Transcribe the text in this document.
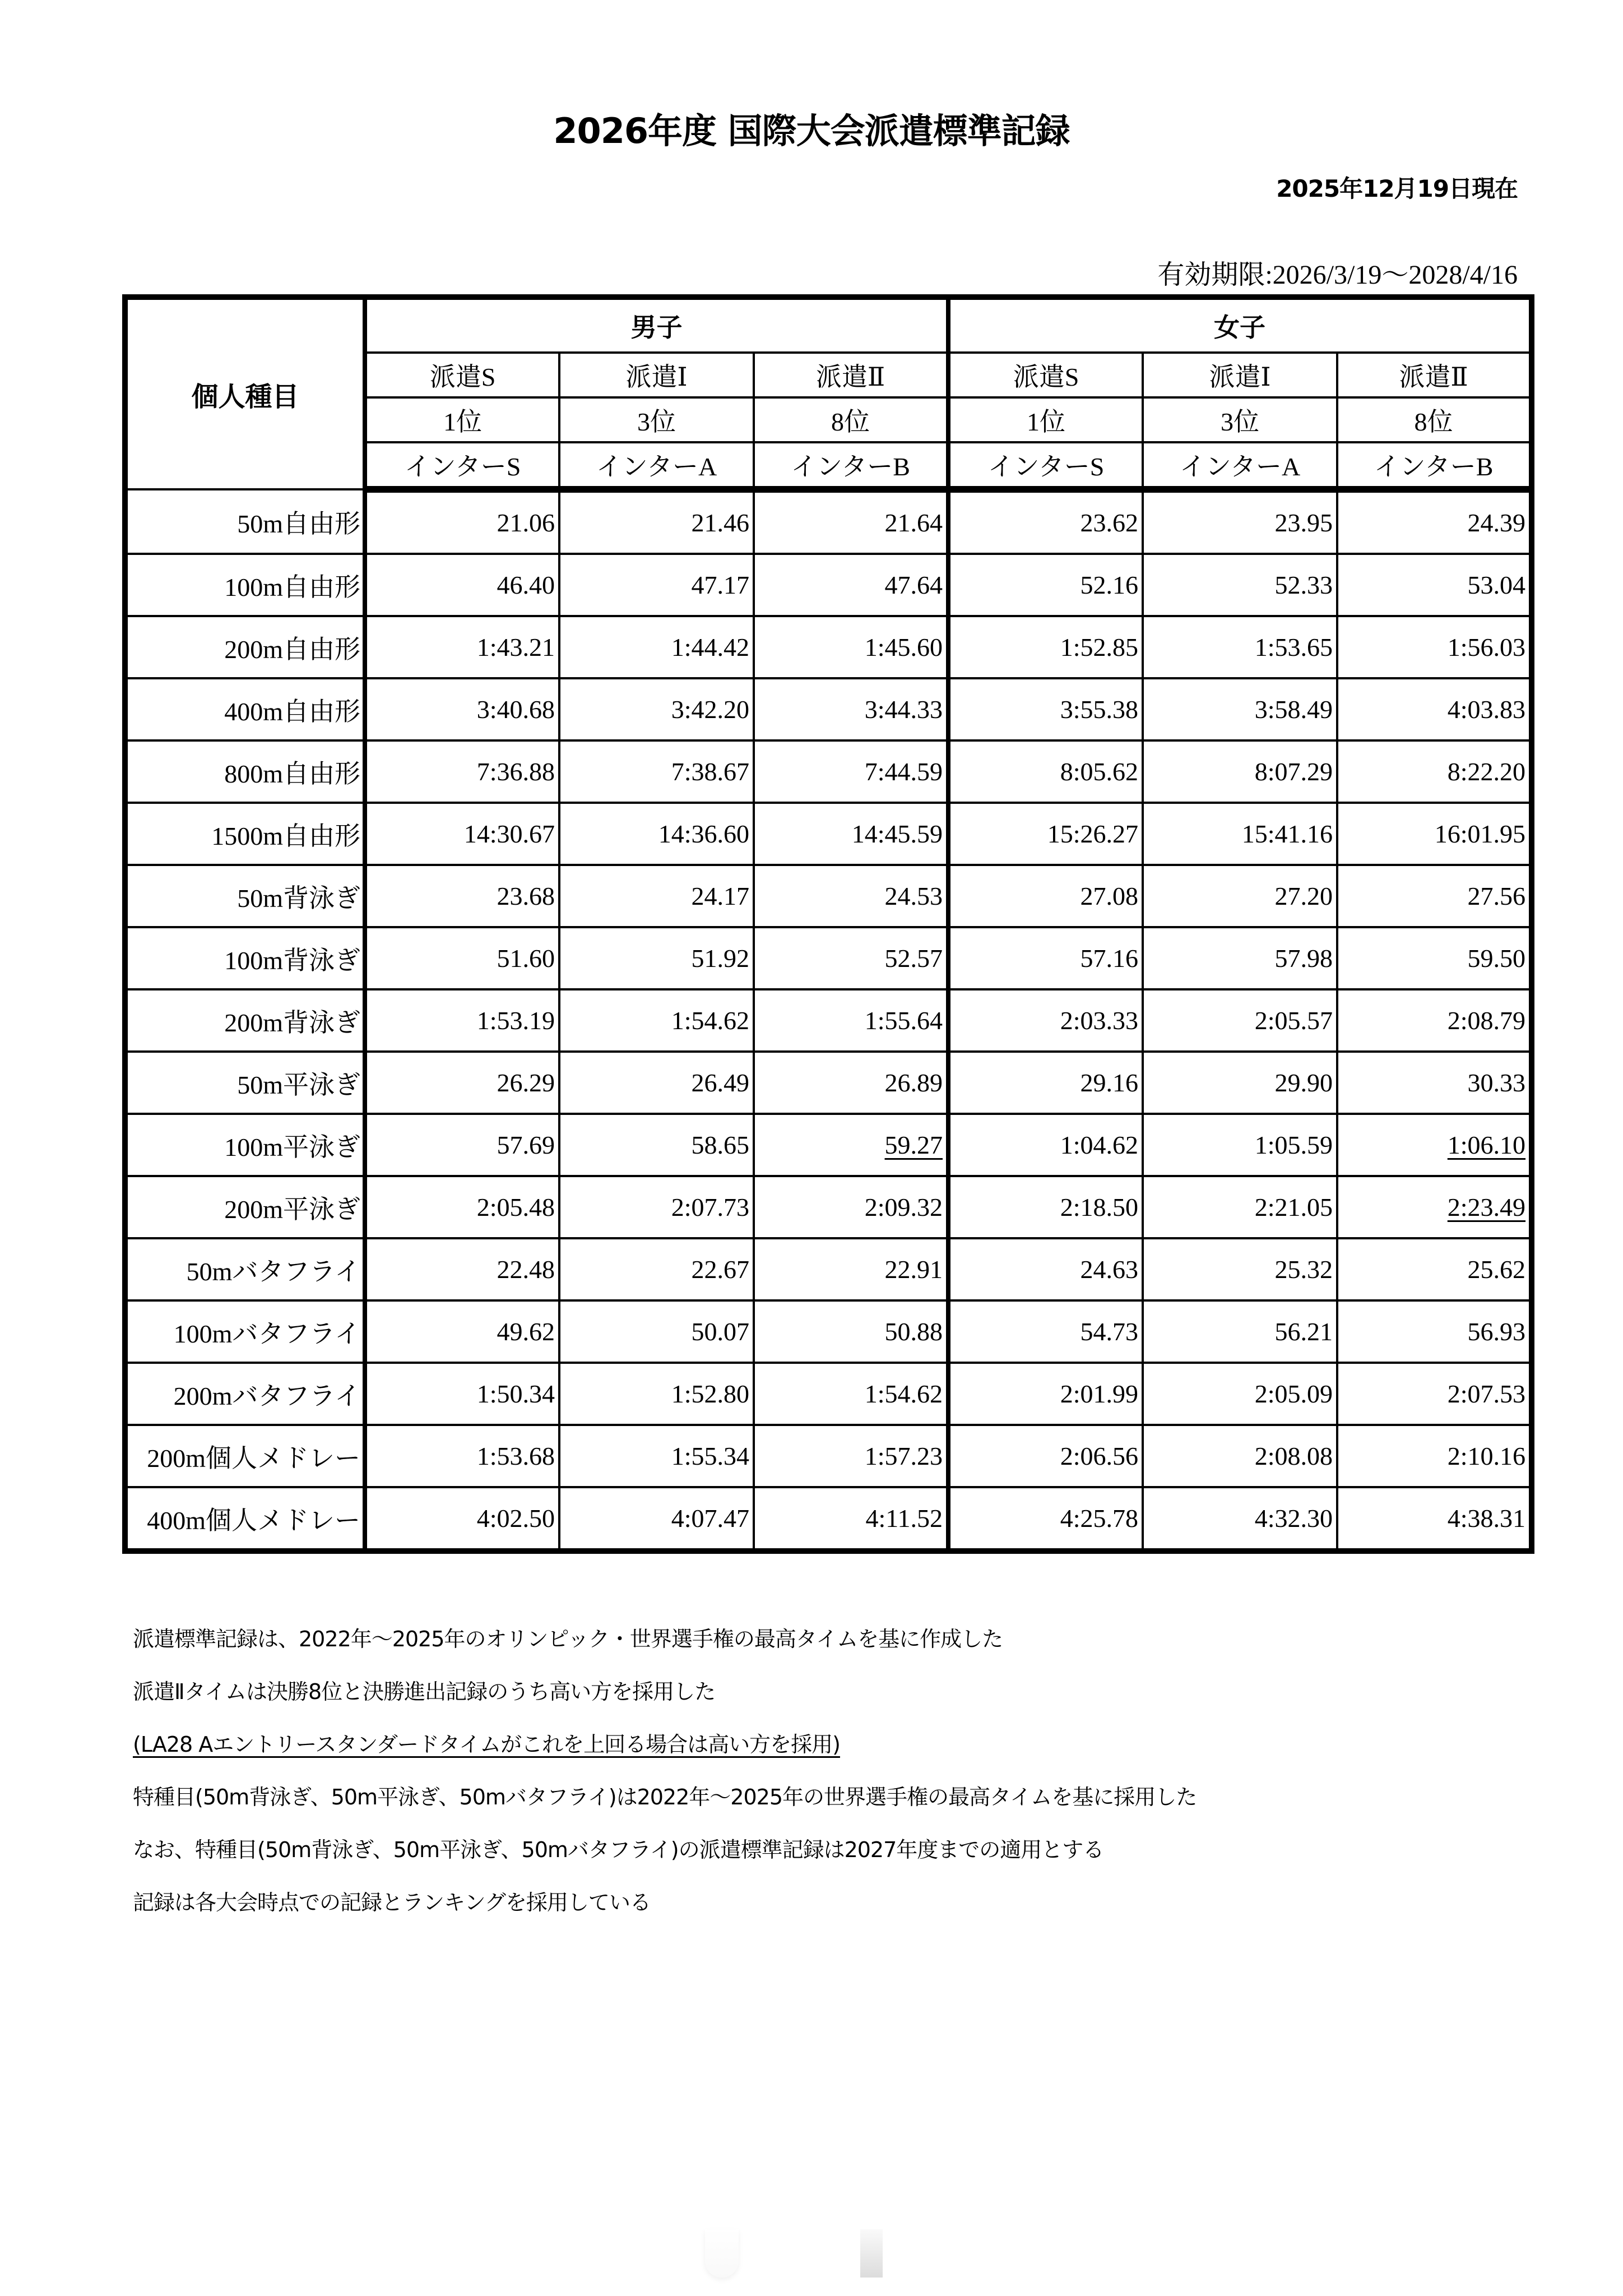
2026年度 国際大会派遣標準記録
2025年12月19日現在
有効期限:2026/3/19〜2028/4/16
個人種目	男子			女子		
	派遣S	派遣Ⅰ	派遣Ⅱ	派遣S	派遣Ⅰ	派遣Ⅱ
	1位	3位	8位	1位	3位	8位
	インターS	インターA	インターB	インターS	インターA	インターB
50m自由形	21.06	21.46	21.64	23.62	23.95	24.39
100m自由形	46.40	47.17	47.64	52.16	52.33	53.04
200m自由形	1:43.21	1:44.42	1:45.60	1:52.85	1:53.65	1:56.03
400m自由形	3:40.68	3:42.20	3:44.33	3:55.38	3:58.49	4:03.83
800m自由形	7:36.88	7:38.67	7:44.59	8:05.62	8:07.29	8:22.20
1500m自由形	14:30.67	14:36.60	14:45.59	15:26.27	15:41.16	16:01.95
50m背泳ぎ	23.68	24.17	24.53	27.08	27.20	27.56
100m背泳ぎ	51.60	51.92	52.57	57.16	57.98	59.50
200m背泳ぎ	1:53.19	1:54.62	1:55.64	2:03.33	2:05.57	2:08.79
50m平泳ぎ	26.29	26.49	26.89	29.16	29.90	30.33
100m平泳ぎ	57.69	58.65	59.27	1:04.62	1:05.59	1:06.10
200m平泳ぎ	2:05.48	2:07.73	2:09.32	2:18.50	2:21.05	2:23.49
50mバタフライ	22.48	22.67	22.91	24.63	25.32	25.62
100mバタフライ	49.62	50.07	50.88	54.73	56.21	56.93
200mバタフライ	1:50.34	1:52.80	1:54.62	2:01.99	2:05.09	2:07.53
200m個人メドレー	1:53.68	1:55.34	1:57.23	2:06.56	2:08.08	2:10.16
400m個人メドレー	4:02.50	4:07.47	4:11.52	4:25.78	4:32.30	4:38.31
派遣標準記録は、2022年〜2025年のオリンピック・世界選手権の最高タイムを基に作成した
派遣Ⅱタイムは決勝8位と決勝進出記録のうち高い方を採用した
(LA28 Aエントリースタンダードタイムがこれを上回る場合は高い方を採用)
特種目(50m背泳ぎ、50m平泳ぎ、50mバタフライ)は2022年〜2025年の世界選手権の最高タイムを基に採用した
なお、特種目(50m背泳ぎ、50m平泳ぎ、50mバタフライ)の派遣標準記録は2027年度までの適用とする
記録は各大会時点での記録とランキングを採用している
